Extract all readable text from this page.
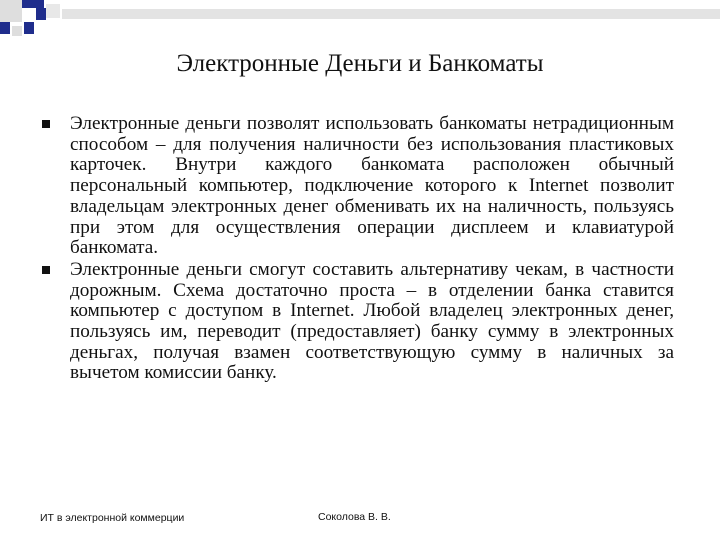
Электронные Деньги и Банкоматы
Электронные деньги позволят использовать банкоматы нетрадиционным способом – для получения наличности без использования пластиковых карточек. Внутри каждого банкомата расположен обычный персональный компьютер, подключение которого к Internet позволит владельцам электронных денег обменивать их на наличность, пользуясь при этом для осуществления операции дисплеем и клавиатурой банкомата.
Электронные деньги смогут составить альтернативу чекам, в частности дорожным. Схема достаточно проста – в отделении банка ставится компьютер с доступом в Internet. Любой владелец электронных денег, пользуясь им, переводит (предоставляет) банку сумму в электронных деньгах, получая взамен соответствующую сумму в наличных за вычетом комиссии банку.
ИТ в электронной коммерции	Соколова В. В.
